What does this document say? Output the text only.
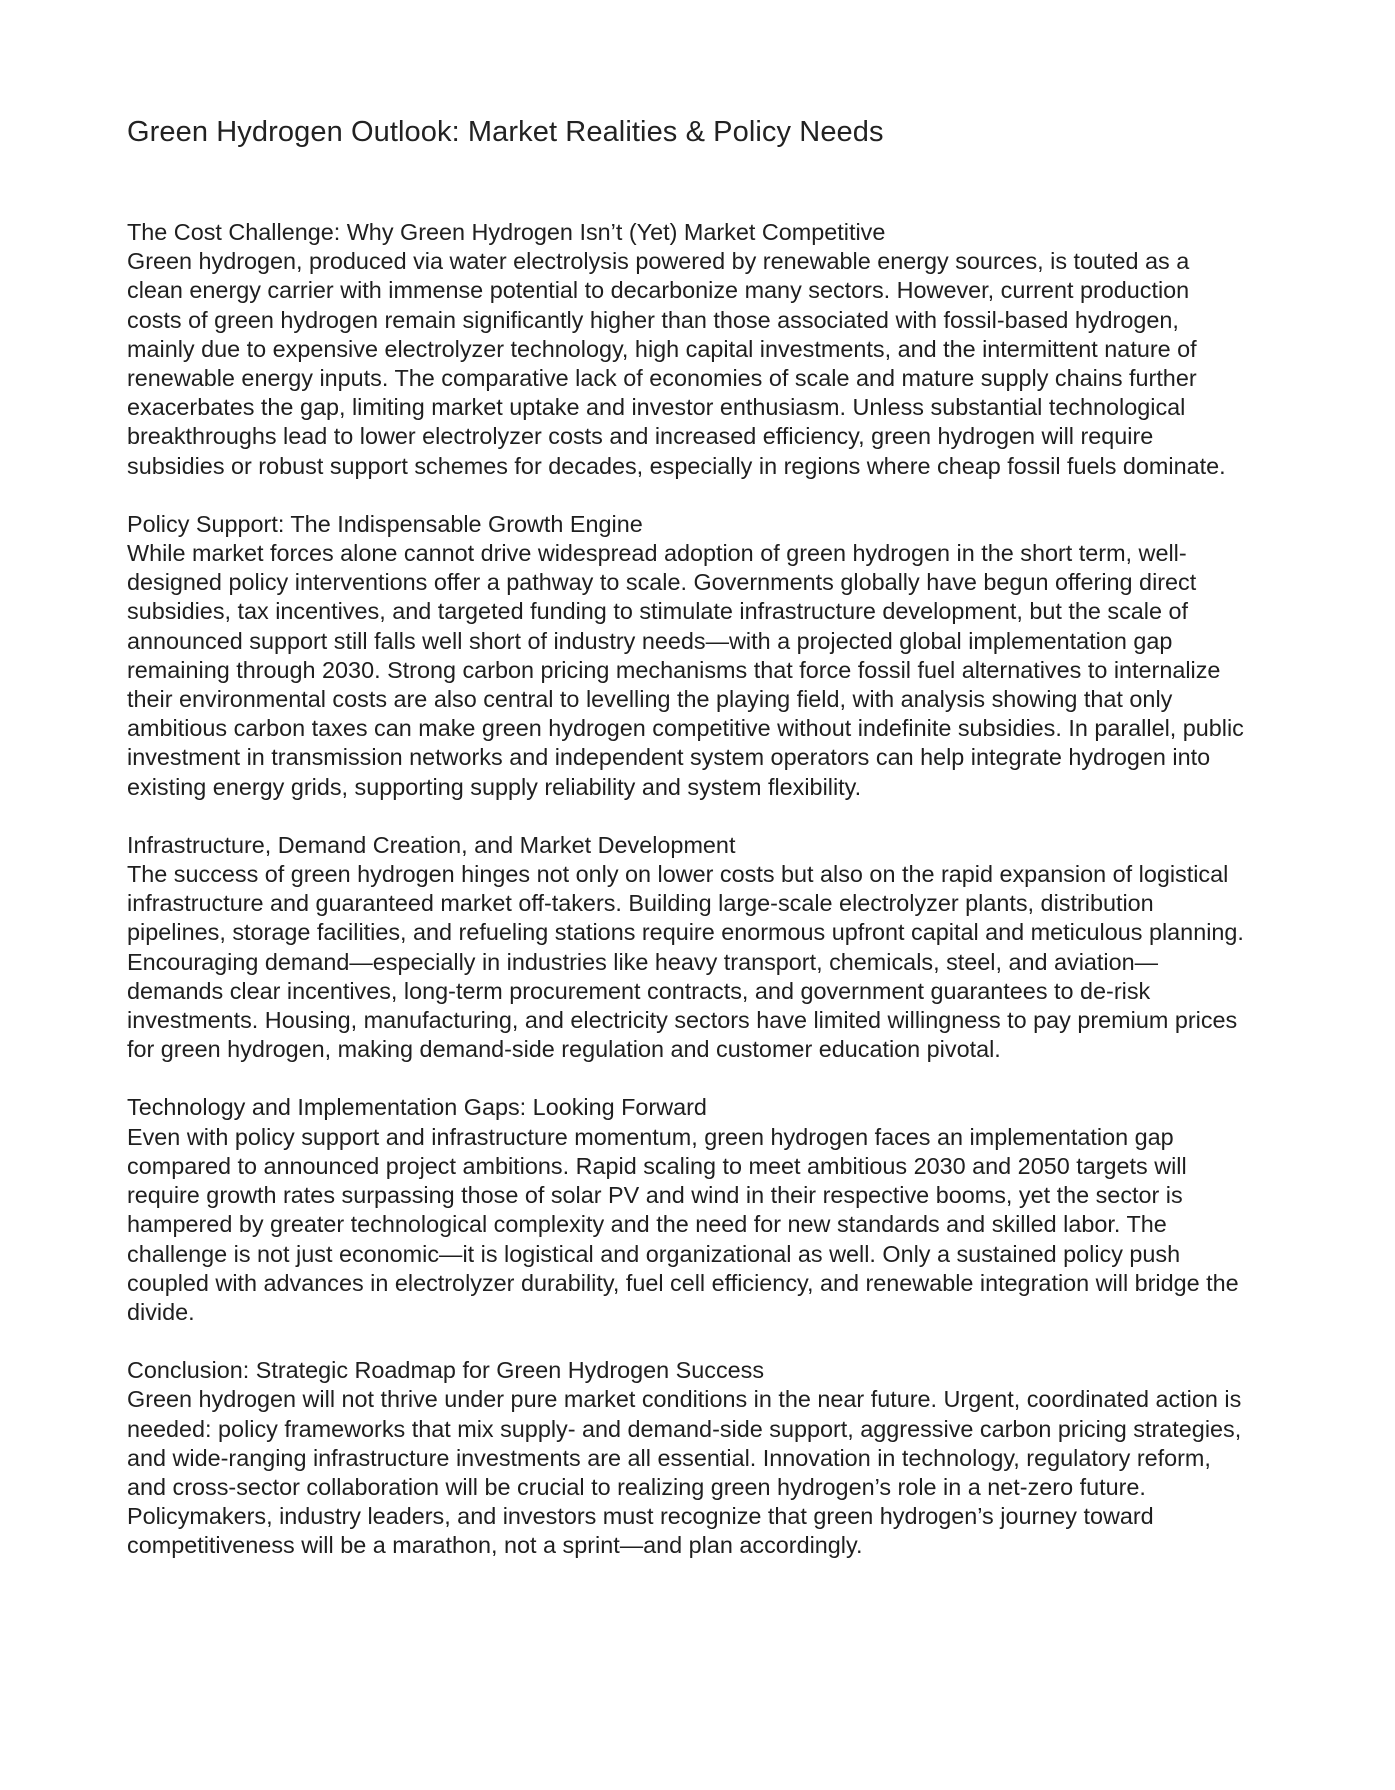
Green Hydrogen Outlook: Market Realities & Policy Needs

The Cost Challenge: Why Green Hydrogen Isn’t (Yet) Market Competitive

Green hydrogen, produced via water electrolysis powered by renewable energy sources, is touted as a clean energy carrier with immense potential to decarbonize many sectors. However, current production costs of green hydrogen remain significantly higher than those associated with fossil-based hydrogen, mainly due to expensive electrolyzer technology, high capital investments, and the intermittent nature of renewable energy inputs. The comparative lack of economies of scale and mature supply chains further exacerbates the gap, limiting market uptake and investor enthusiasm. Unless substantial technological breakthroughs lead to lower electrolyzer costs and increased efficiency, green hydrogen will require subsidies or robust support schemes for decades, especially in regions where cheap fossil fuels dominate.

Policy Support: The Indispensable Growth Engine

While market forces alone cannot drive widespread adoption of green hydrogen in the short term, well-designed policy interventions offer a pathway to scale. Governments globally have begun offering direct subsidies, tax incentives, and targeted funding to stimulate infrastructure development, but the scale of announced support still falls well short of industry needs—with a projected global implementation gap remaining through 2030. Strong carbon pricing mechanisms that force fossil fuel alternatives to internalize their environmental costs are also central to levelling the playing field, with analysis showing that only ambitious carbon taxes can make green hydrogen competitive without indefinite subsidies. In parallel, public investment in transmission networks and independent system operators can help integrate hydrogen into existing energy grids, supporting supply reliability and system flexibility.

Infrastructure, Demand Creation, and Market Development

The success of green hydrogen hinges not only on lower costs but also on the rapid expansion of logistical infrastructure and guaranteed market off-takers. Building large-scale electrolyzer plants, distribution pipelines, storage facilities, and refueling stations require enormous upfront capital and meticulous planning. Encouraging demand—especially in industries like heavy transport, chemicals, steel, and aviation—demands clear incentives, long-term procurement contracts, and government guarantees to de-risk investments. Housing, manufacturing, and electricity sectors have limited willingness to pay premium prices for green hydrogen, making demand-side regulation and customer education pivotal.

Technology and Implementation Gaps: Looking Forward

Even with policy support and infrastructure momentum, green hydrogen faces an implementation gap compared to announced project ambitions. Rapid scaling to meet ambitious 2030 and 2050 targets will require growth rates surpassing those of solar PV and wind in their respective booms, yet the sector is hampered by greater technological complexity and the need for new standards and skilled labor. The challenge is not just economic—it is logistical and organizational as well. Only a sustained policy push coupled with advances in electrolyzer durability, fuel cell efficiency, and renewable integration will bridge the divide.

Conclusion: Strategic Roadmap for Green Hydrogen Success

Green hydrogen will not thrive under pure market conditions in the near future. Urgent, coordinated action is needed: policy frameworks that mix supply- and demand-side support, aggressive carbon pricing strategies, and wide-ranging infrastructure investments are all essential. Innovation in technology, regulatory reform, and cross-sector collaboration will be crucial to realizing green hydrogen’s role in a net-zero future. Policymakers, industry leaders, and investors must recognize that green hydrogen’s journey toward competitiveness will be a marathon, not a sprint—and plan accordingly.
